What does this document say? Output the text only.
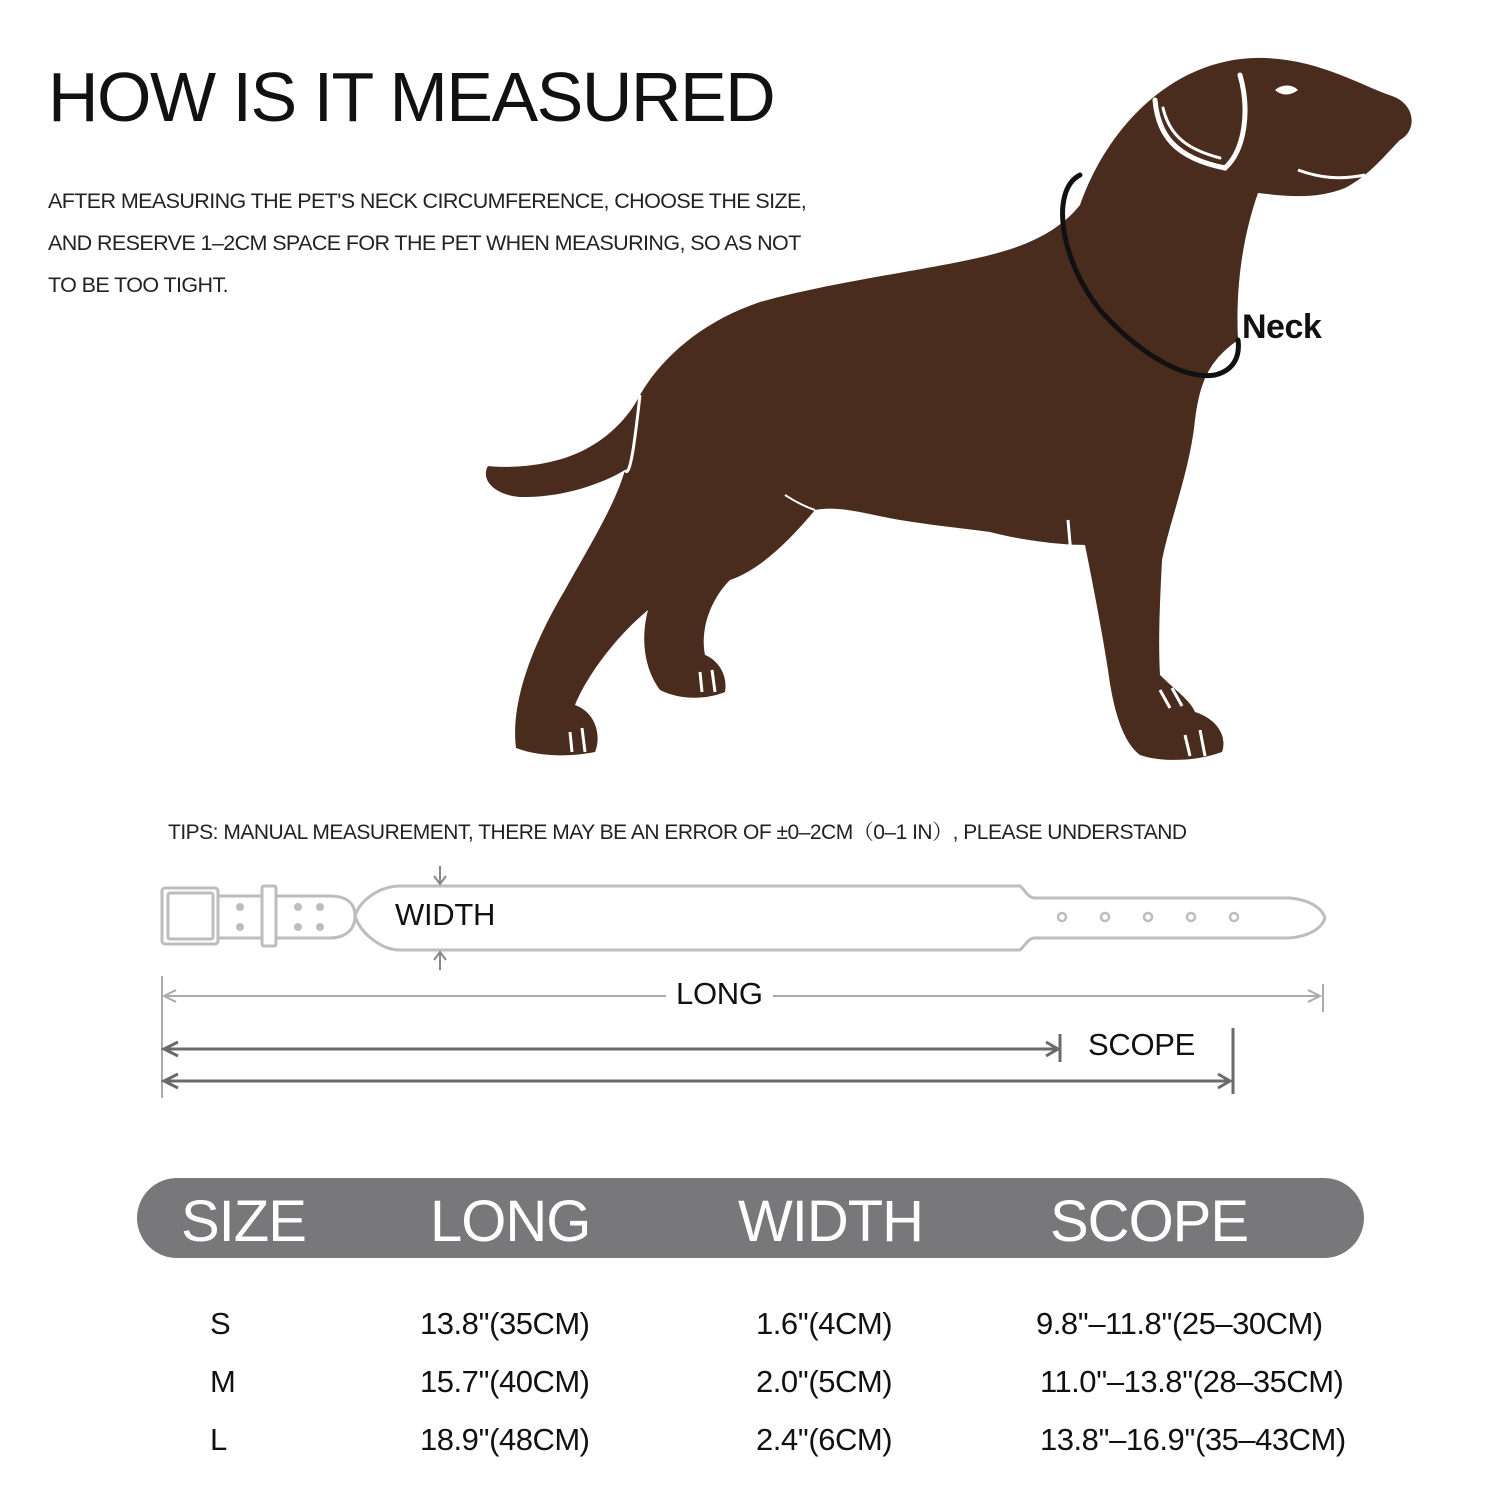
HOW IS IT MEASURED
AFTER MEASURING THE PET'S NECK CIRCUMFERENCE, CHOOSE THE SIZE,
AND RESERVE 1–2CM SPACE FOR THE PET WHEN MEASURING, SO AS NOT
TO BE TOO TIGHT.
Neck
TIPS: MANUAL MEASUREMENT, THERE MAY BE AN ERROR OF ±0–2CM（0–1 IN）, PLEASE UNDERSTAND
WIDTH
LONG
SCOPE
SIZE LONG	WIDTH SCOPE
S	13.8''(35CM)	1.6''(4CM)	9.8''–11.8''(25–30CM)
M	15.7''(40CM)	2.0''(5CM)	11.0''–13.8''(28–35CM)
L	18.9''(48CM)	2.4''(6CM)	13.8''–16.9''(35–43CM)
